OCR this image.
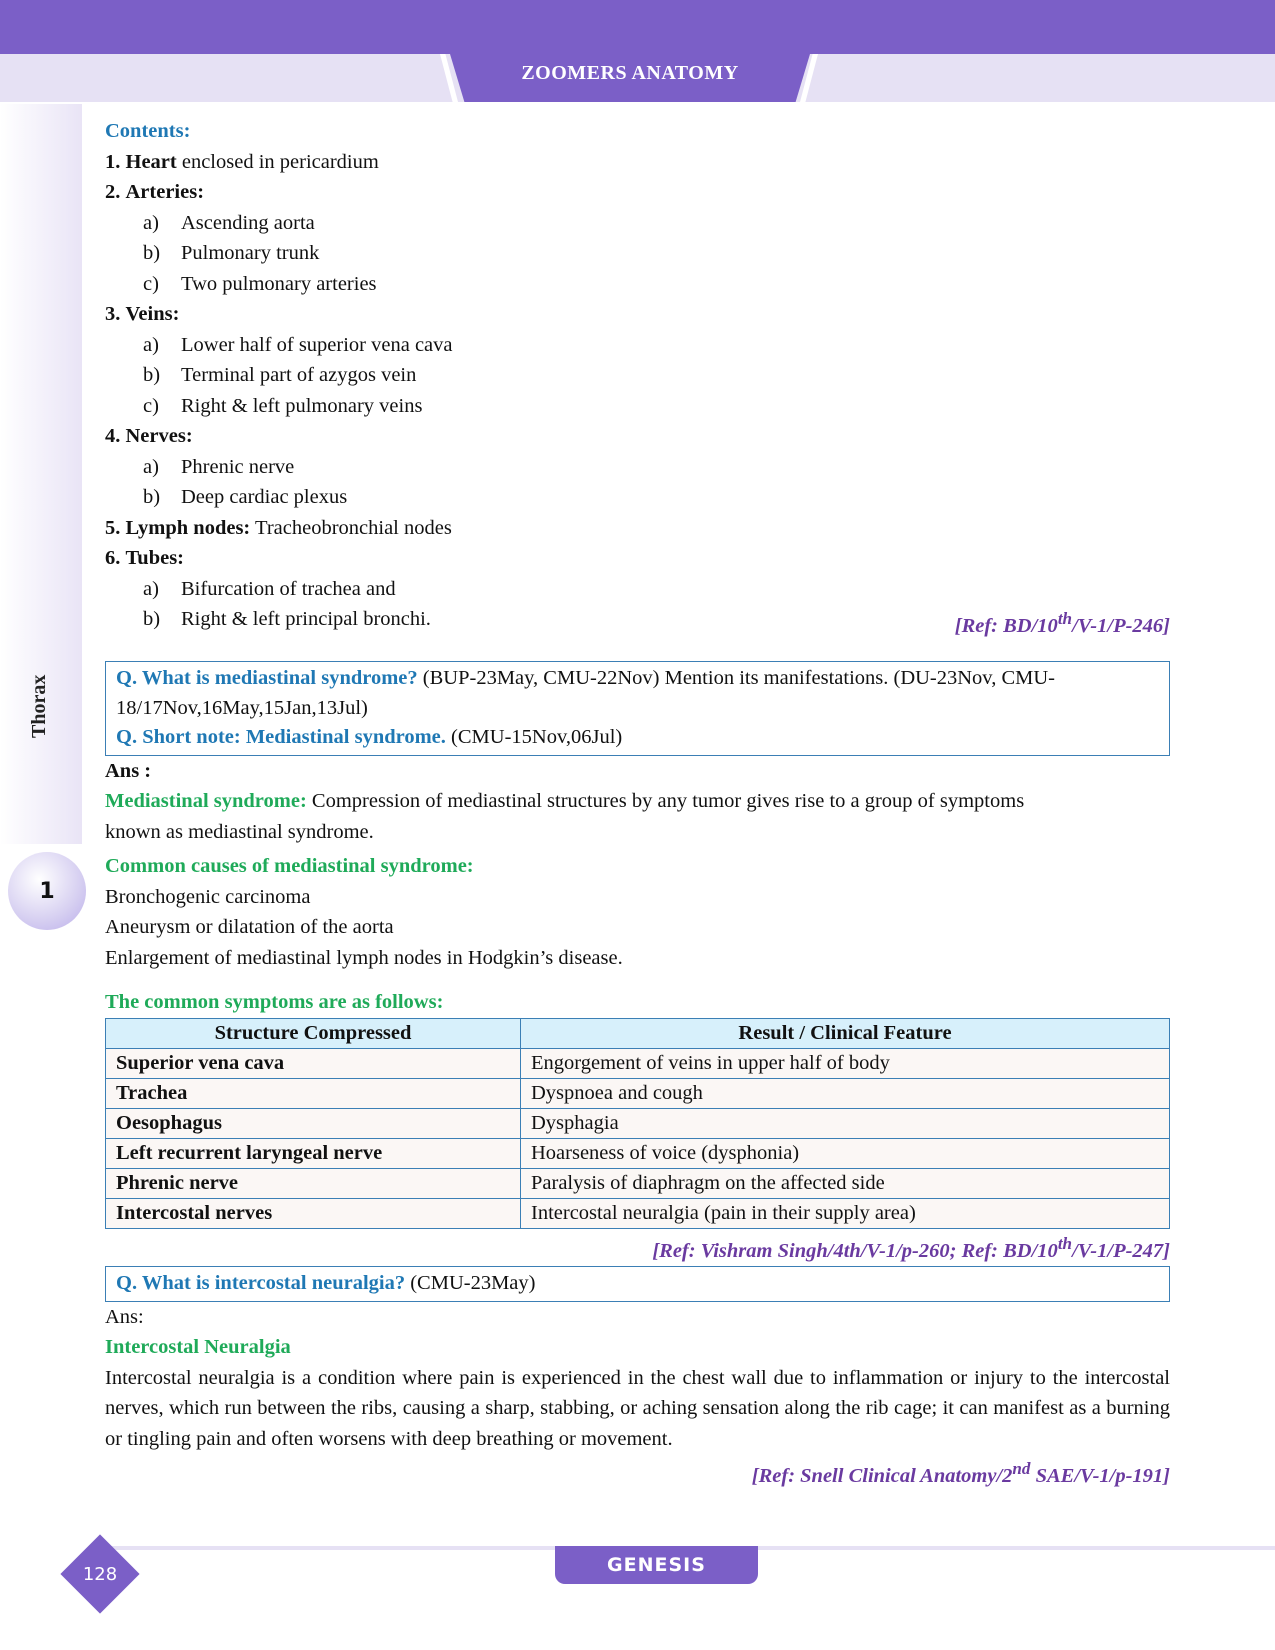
ZOOMERS ANATOMY
Thorax
1

Contents:

1. Heart enclosed in pericardium

2. Arteries:

a) Ascending aorta

b) Pulmonary trunk

c) Two pulmonary arteries

3. Veins:

a) Lower half of superior vena cava

b) Terminal part of azygos vein

c) Right & left pulmonary veins

4. Nerves:

a) Phrenic nerve

b) Deep cardiac plexus

5. Lymph nodes: Tracheobronchial nodes

6. Tubes:

a) Bifurcation of trachea and

b) Right & left principal bronchi.	[Ref: BD/10th/V-1/P-246]

Q. What is mediastinal syndrome? (BUP-23May, CMU-22Nov) Mention its manifestations. (DU-23Nov, CMU-

18/17Nov,16May,15Jan,13Jul)

Q. Short note: Mediastinal syndrome. (CMU-15Nov,06Jul)

Ans :

Mediastinal syndrome: Compression of mediastinal structures by any tumor gives rise to a group of symptoms

known as mediastinal syndrome.

Common causes of mediastinal syndrome:

Bronchogenic carcinoma

Aneurysm or dilatation of the aorta

Enlargement of mediastinal lymph nodes in Hodgkin’s disease.

The common symptoms are as follows:

Structure Compressed	Result / Clinical Feature
Superior vena cava	Engorgement of veins in upper half of body
Trachea	Dyspnoea and cough
Oesophagus	Dysphagia
Left recurrent laryngeal nerve	Hoarseness of voice (dysphonia)
Phrenic nerve	Paralysis of diaphragm on the affected side
Intercostal nerves	Intercostal neuralgia (pain in their supply area)

[Ref: Vishram Singh/4th/V-1/p-260; Ref: BD/10th/V-1/P-247]

Q. What is intercostal neuralgia? (CMU-23May)

Ans:

Intercostal Neuralgia

Intercostal neuralgia is a condition where pain is experienced in the chest wall due to inflammation or injury to the intercostal nerves, which run between the ribs, causing a sharp, stabbing, or aching sensation along the rib cage; it can manifest as a burning or tingling pain and often worsens with deep breathing or movement.

[Ref: Snell Clinical Anatomy/2nd SAE/V-1/p-191]

128	GENESIS
